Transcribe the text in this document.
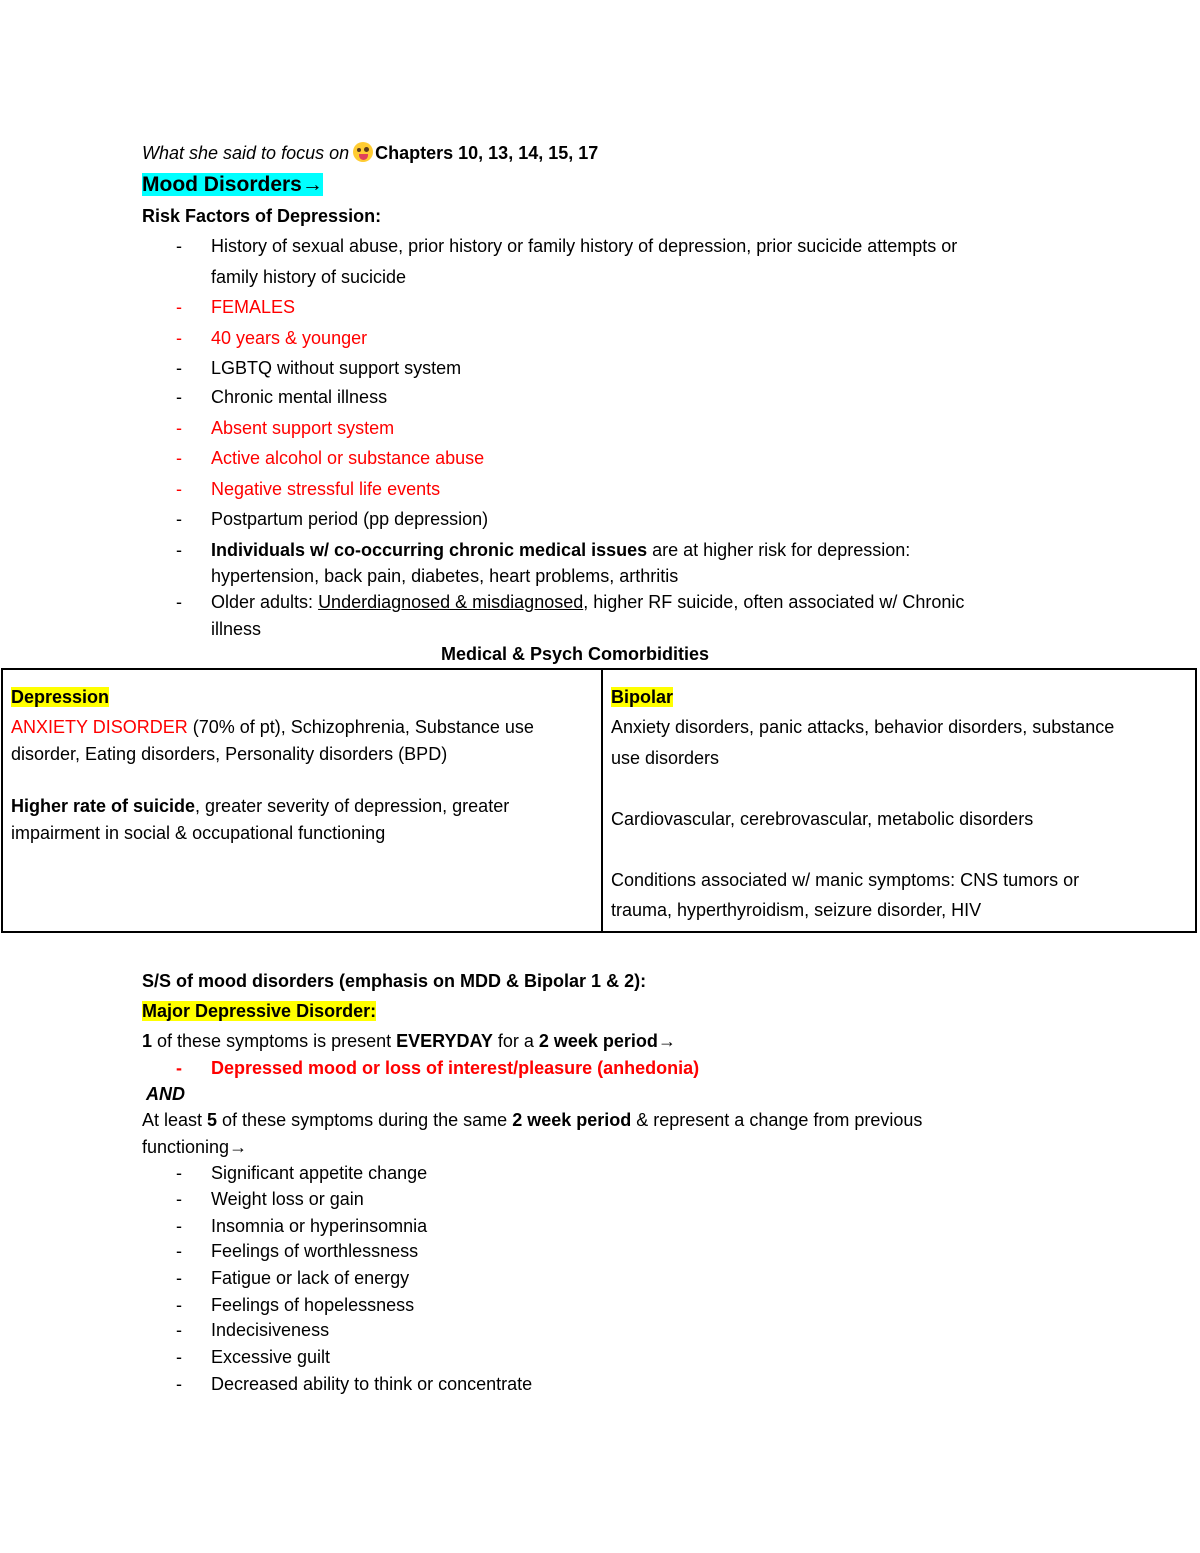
What she said to focus on Chapters 10, 13, 14, 15, 17
Mood Disorders→
Risk Factors of Depression:
- History of sexual abuse, prior history or family history of depression, prior sucicide attempts or
family history of sucicide
- FEMALES
- 40 years & younger
- LGBTQ without support system
- Chronic mental illness
- Absent support system
- Active alcohol or substance abuse
- Negative stressful life events
- Postpartum period (pp depression)
- Individuals w/ co-occurring chronic medical issues are at higher risk for depression:
hypertension, back pain, diabetes, heart problems, arthritis
- Older adults: Underdiagnosed & misdiagnosed, higher RF suicide, often associated w/ Chronic
illness
Medical & Psych Comorbidities
Depression
ANXIETY DISORDER (70% of pt), Schizophrenia, Substance use
disorder, Eating disorders, Personality disorders (BPD)
Higher rate of suicide, greater severity of depression, greater
impairment in social & occupational functioning
Bipolar
Anxiety disorders, panic attacks, behavior disorders, substance
use disorders
Cardiovascular, cerebrovascular, metabolic disorders
Conditions associated w/ manic symptoms: CNS tumors or
trauma, hyperthyroidism, seizure disorder, HIV
S/S of mood disorders (emphasis on MDD & Bipolar 1 & 2):
Major Depressive Disorder:
1 of these symptoms is present EVERYDAY for a 2 week period→
- Depressed mood or loss of interest/pleasure (anhedonia)
AND
At least 5 of these symptoms during the same 2 week period & represent a change from previous
functioning→
- Significant appetite change
- Weight loss or gain
- Insomnia or hyperinsomnia
- Feelings of worthlessness
- Fatigue or lack of energy
- Feelings of hopelessness
- Indecisiveness
- Excessive guilt
- Decreased ability to think or concentrate
